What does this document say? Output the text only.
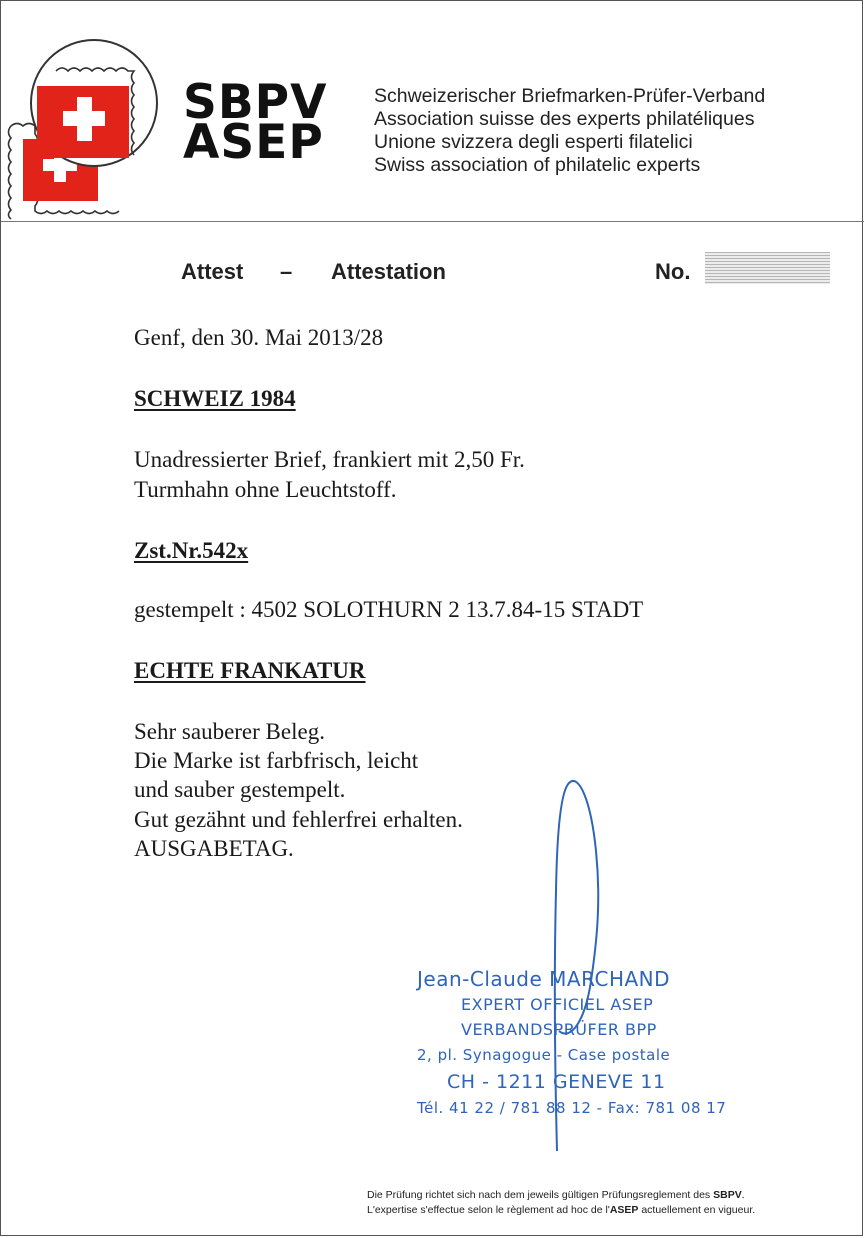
SBPV
ASEP
Schweizerischer Briefmarken-Prüfer-Verband
Association suisse des experts philatéliques
Unione svizzera degli esperti filatelici
Swiss association of philatelic experts
Attest – Attestation	No.
Genf, den 30. Mai 2013/28
SCHWEIZ 1984
Unadressierter Brief, frankiert mit 2,50 Fr.
Turmhahn ohne Leuchtstoff.
Zst.Nr.542x
gestempelt : 4502 SOLOTHURN 2 13.7.84-15 STADT
ECHTE FRANKATUR
Sehr sauberer Beleg.
Die Marke ist farbfrisch, leicht
und sauber gestempelt.
Gut gezähnt und fehlerfrei erhalten.
AUSGABETAG.
Jean-Claude MARCHAND
EXPERT OFFICIEL ASEP
VERBANDSPRÜFER BPP
2, pl. Synagogue - Case postale
CH - 1211 GENEVE 11
Tél. 41 22 / 781 88 12 - Fax: 781 08 17
Die Prüfung richtet sich nach dem jeweils gültigen Prüfungsreglement des SBPV.
L'expertise s'effectue selon le règlement ad hoc de l'ASEP actuellement en vigueur.
